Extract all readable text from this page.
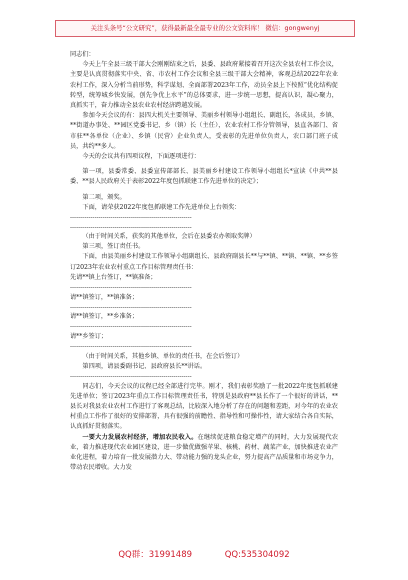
关注头条号“公文研究”，获得最新最全最专业的公文资料库！ 微信：gongwenyj
同志们：
今天上午全县三级干部大会刚刚结束之后，县委、县政府紧接着召开这次全县农村工作会议，主要是认真贯彻落实中央、省、市农村工作会议和全县三级干部大会精神，客观总结2022年农业农村工作，深入分析当前形势，科学谋划、全面部署2023年工作，动员全县上下按照“优化结构促转型，统筹城乡快发展，创先争优上水平”的总体要求，进一步统一思想，提高认识，凝心聚力，真抓实干，奋力推动全县农业农村经济跨越发展。
参加今天会议的有：县四大机关主要领导、美丽乡村领导小组组长、副组长，各成员，乡镇、**街道办事处、**园区党委书记、乡（镇）长（主任），农业农村工作分管领导，县直各部门、省市驻**各单位（企业）、乡镇（民营）企业负责人，受表彰的先进单位负责人，农口部门班子成员，共约**多人。
今天的会议共有四项议程，下面逐项进行：
第一项，县委常委、县委宣传部部长、县美丽乡村建设工作领导小组组长*宣读《中共**县委、**县人民政府关于表彰2022年度包抓联建工作先进单位的决定》；
第二项，颁奖。
下面，请荣获2022年度包抓联建工作先进单位上台领奖：
------------------------------------------------------------
------------------------------------------------------------
（由于时间关系，获奖的其他单位，会后在县委农办领取奖牌）
第三项，签订责任书。
下面，由县美丽乡村建设工作领导小组副组长、县政府副县长**与**镇、**镇、**镇、**乡签订2023年农业农村重点工作目标管理责任书：
先请**镇上台签订，**镇准备；
------------------------------------------------------------
请**镇签订，**镇准备；
------------------------------------------------------------
请**镇签订，**乡准备；
------------------------------------------------------------
请**乡签订；
------------------------------------------------------------
（由于时间关系，其他乡镇、单位的责任书，在会后签订）
第四项，请县委副书记、县政府县长**讲话。
------------------------------------------------------------
同志们，今天会议的议程已经全部进行完毕。刚才，我们表彰奖励了一批2022年度包抓联建先进单位；签订2023年重点工作目标管理责任书，特别是县政府**县长作了一个很好的讲话，**县长对我县农业农村工作进行了客观总结，比较深入地分析了存在的问题和差距，对今年的农业农村重点工作作了很好的安排部署，具有很强的前瞻性、指导性和可操作性，请大家结合各自实际，认真抓好贯彻落实。
一要大力发展农村经济，增加农民收入。在继续促进粮食稳定增产的同时，大力发展现代农业，着力推进现代农业园区建设，进一步做优做强苹果、核桃、药材、蔬菜产业，加快推进农业产业化进程，着力培育一批发展潜力大、带动能力强的龙头企业，努力提高产品质量和市场竞争力，带动农民增收。大力发
QQ群：31991489	QQ:535304092
